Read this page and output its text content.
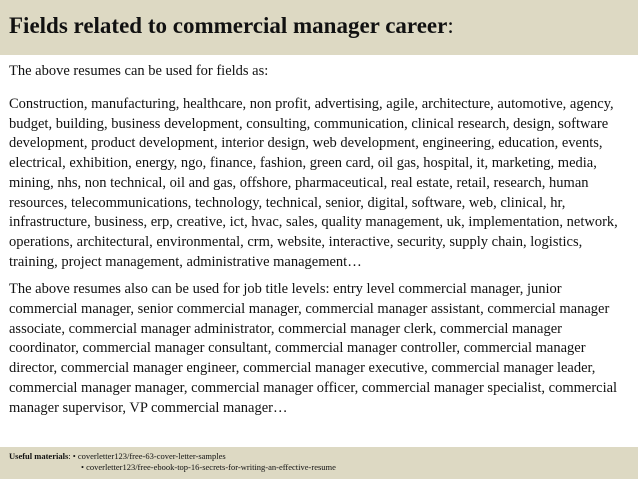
Fields related to commercial manager career:

The above resumes can be used for fields as:

Construction, manufacturing, healthcare, non profit, advertising, agile, architecture, automotive, agency, budget, building, business development, consulting, communication, clinical research, design, software development, product development, interior design, web development, engineering, education, events, electrical, exhibition, energy, ngo, finance, fashion, green card, oil gas, hospital, it, marketing, media, mining, nhs, non technical, oil and gas, offshore, pharmaceutical, real estate, retail, research, human resources, telecommunications, technology, technical, senior, digital, software, web, clinical, hr, infrastructure, business, erp, creative, ict, hvac, sales, quality management, uk, implementation, network, operations, architectural, environmental, crm, website, interactive, security, supply chain, logistics, training, project management, administrative management…

The above resumes also can be used for job title levels: entry level commercial manager, junior commercial manager, senior commercial manager, commercial manager assistant, commercial manager associate, commercial manager administrator, commercial manager clerk, commercial manager coordinator, commercial manager consultant, commercial manager controller, commercial manager director, commercial manager engineer, commercial manager executive, commercial manager leader, commercial manager manager, commercial manager officer, commercial manager specialist, commercial manager supervisor, VP commercial manager…

Useful materials: • coverletter123/free-63-cover-letter-samples
• coverletter123/free-ebook-top-16-secrets-for-writing-an-effective-resume
